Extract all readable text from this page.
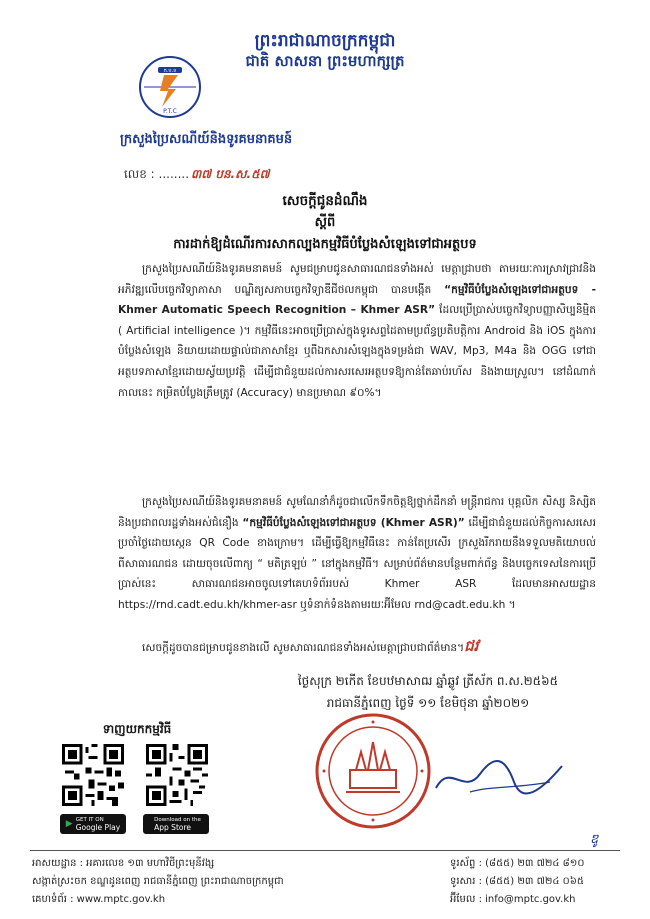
ព្រះរាជាណាចក្រកម្ពុជា
ជាតិ សាសនា ព្រះមហាក្សត្រ
ក.ប.ទ
P.T.C
ក្រសួងប្រៃសណីយ៍និងទូរគមនាគមន៍
លេខ : ........ ៣៧ បន.ស.៥៧
សេចក្តីជូនដំណឹង
ស្តីពី
ការដាក់ឱ្យដំណើរការសាកល្បងកម្មវិធីបំប្លែងសំឡេងទៅជាអត្ថបទ
ក្រសួងប្រៃសណីយ៍និងទូរគមនាគមន៍ សូមជម្រាបជូនសាធារណជនទាំងអស់ មេត្តាជ្រាបថា តាមរយៈការស្រាវជ្រាវនិងអភិវឌ្ឍលើបច្ចេកវិទ្យាភាសា បណ្ឌិត្យសភាបច្ចេកវិទ្យាឌីជីថលកម្ពុជា បានបង្កើត “កម្មវិធីបំប្លែងសំឡេងទៅជាអត្ថបទ - Khmer Automatic Speech Recognition – Khmer ASR” ដែលប្រើប្រាស់បច្ចេកវិទ្យាបញ្ញាសិប្បនិម្មិត ( Artificial intelligence )។ កម្មវិធីនេះអាចប្រើប្រាស់ក្នុងទូរសព្ទដៃតាមប្រព័ន្ធប្រតិបត្តិការ Android និង iOS ក្នុងការបំប្លែងសំឡេង និយាយដោយផ្ទាល់ជាភាសាខ្មែរ ឬពីឯកសារសំឡេងក្នុងទម្រង់ជា WAV, Mp3, M4a និង OGG ទៅជាអត្ថបទភាសាខ្មែរដោយស្វ័យប្រវត្តិ ដើម្បីជាជំនួយដល់ការសរសេរអត្ថបទឱ្យកាន់តែឆាប់រហ័ស និងងាយស្រួល។ នៅដំណាក់កាលនេះ កម្រិតបំប្លែងត្រឹមត្រូវ (Accuracy) មានប្រមាណ ៩០%។
ក្រសួងប្រៃសណីយ៍និងទូរគមនាគមន៍ សូមណែនាំក៏ដូចជាលើកទឹកចិត្តឱ្យថ្នាក់ដឹកនាំ មន្ត្រីរាជការ បុគ្គលិក សិស្ស និស្សិត និងប្រជាពលរដ្ឋទាំងអស់ជំនឿង “កម្មវិធីបំប្លែងសំឡេងទៅជាអត្ថបទ (Khmer ASR)” ដើម្បីជាជំនួយដល់កិច្ចការសរសេរប្រចាំថ្ងៃដោយស្កេន QR Code ខាងក្រោម។ ដើម្បីធ្វើឱ្យកម្មវិធីនេះ កាន់តែប្រសើរ ក្រសួងរីករាយនឹងទទួលមតិយោបល់ពីសាធារណជន ដោយចុចលើពាក្យ “ មតិត្រឡប់ ” នៅក្នុងកម្មវិធី។ សម្រាប់ព័ត៌មានបន្ថែមពាក់ព័ន្ធ និងបច្ចេកទេសនៃការប្រើប្រាស់នេះ សាធារណជនអាចចូលទៅគេហទំព័ររបស់ Khmer ASR ដែលមានអាសយដ្ឋាន https://rnd.cadt.edu.kh/khmer-asr ឬទំនាក់ទំនងតាមរយៈអ៊ីមែល rnd@cadt.edu.kh ។
សេចក្តីដូចបានជម្រាបជូនខាងលើ សូមសាធារណជនទាំងអស់មេត្តាជ្រាបជាព័ត៌មាន។ជវ
ថ្ងៃសុក្រ ២កើត ខែបឋមាសាឍ ឆ្នាំឆ្លូវ ត្រីស័ក ព.ស.២៥៦៥
រាជធានីភ្នំពេញ ថ្ងៃទី ១១ ខែមិថុនា ឆ្នាំ២០២១
ទាញយកកម្មវិធី
▶ GET IT ON
Google Play
Download on the
App Store
ឌូ
អាសយដ្ឋាន : អគារលេខ ១៣ មហាវិថីព្រះមុនីវង្ស
សង្កាត់ស្រះចក ខណ្ឌដូនពេញ រាជធានីភ្នំពេញ ព្រះរាជាណាចក្រកម្ពុជា
គេហទំព័រ : www.mptc.gov.kh
ទូរស័ព្ទ : (៨៥៥) ២៣ ៧២៤ ៨១០
ទូរសារ : (៨៥៥) ២៣ ៧២៤ ០៦៥
អ៊ីមែល : info@mptc.gov.kh
